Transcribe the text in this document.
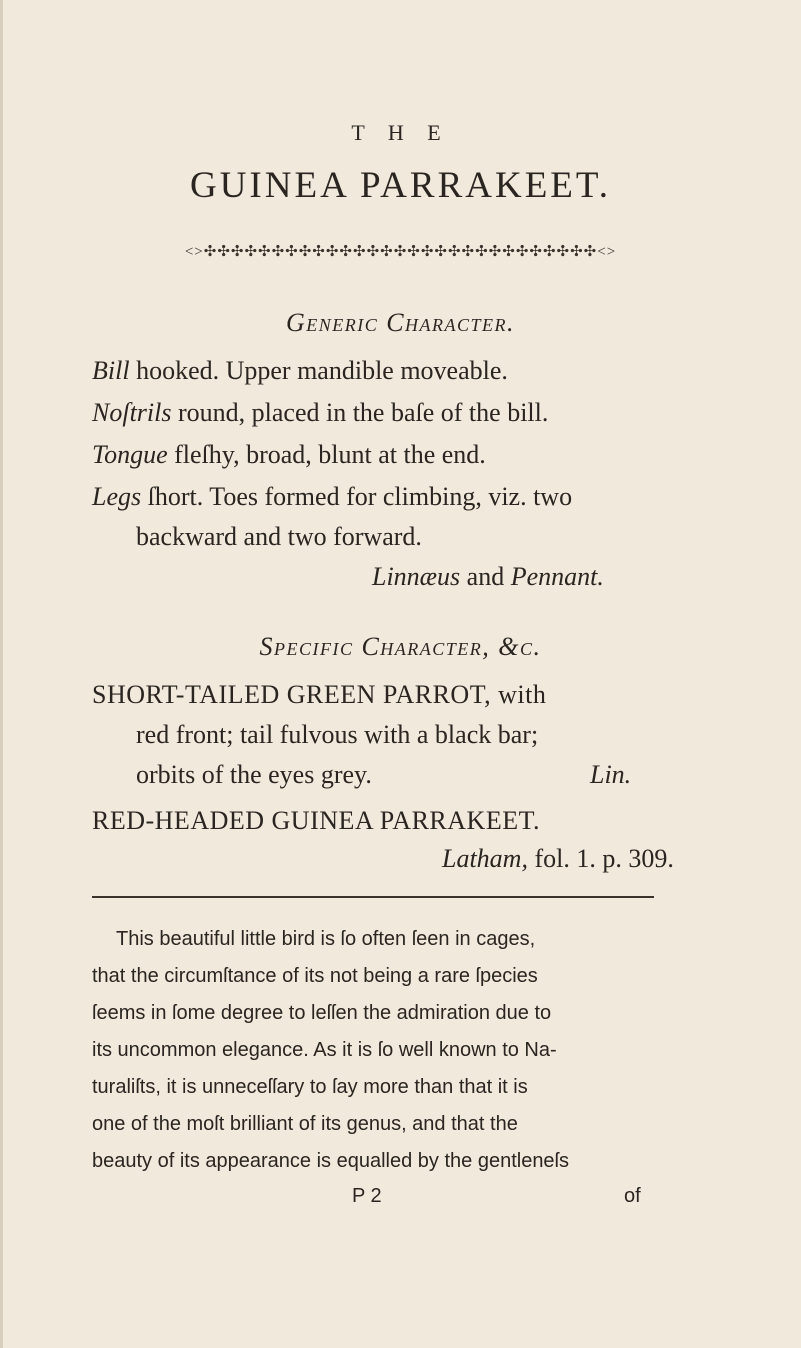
T H E
GUINEA PARRAKEET.
<>✣✣✣✣✣✣✣✣✣✣✣✣✣✣✣✣✣✣✣✣✣✣✣✣✣✣✣✣✣<>
Generic Character.
Bill hooked. Upper mandible moveable.
Noſtrils round, placed in the baſe of the bill.
Tongue fleſhy, broad, blunt at the end.
Legs ſhort. Toes formed for climbing, viz. two
backward and two forward.
Linnæus and Pennant.
Specific Character, &c.
SHORT-TAILED GREEN PARROT, with
red front; tail fulvous with a black bar;
orbits of the eyes grey.	Lin.
RED-HEADED GUINEA PARRAKEET.
Latham, fol. 1. p. 309.
This beautiful little bird is ſo often ſeen in cages,
that the circumſtance of its not being a rare ſpecies
ſeems in ſome degree to leſſen the admiration due to
its uncommon elegance. As it is ſo well known to Na-
turaliſts, it is unneceſſary to ſay more than that it is
one of the moſt brilliant of its genus, and that the
beauty of its appearance is equalled by the gentleneſs
P 2	of
